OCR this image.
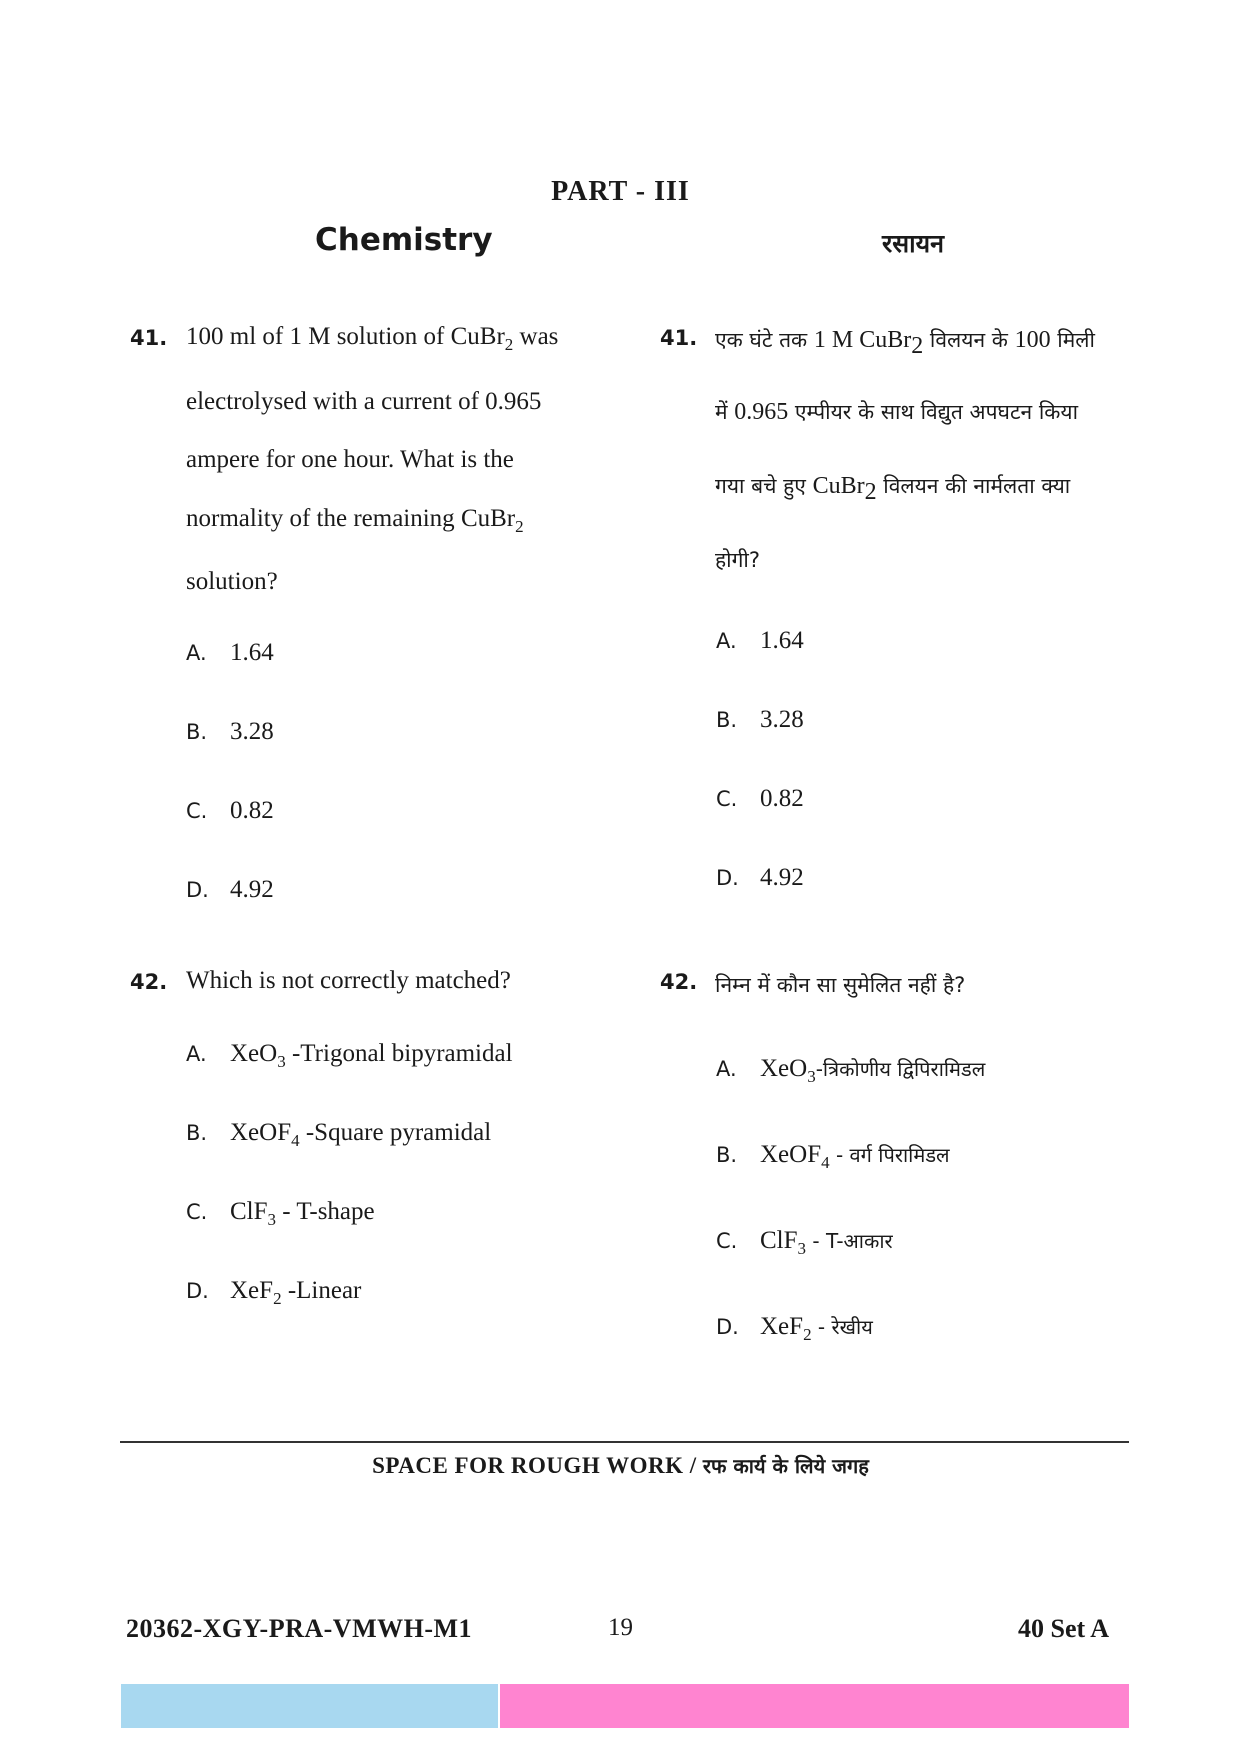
PART - III
Chemistry	रसायन
41. 100 ml of 1 M solution of CuBr$_2$ was
electrolysed with a current of 0.965
ampere for one hour. What is the
normality of the remaining CuBr$_2$
solution?
A. 1.64
B. 3.28
C. 0.82
D. 4.92
41. एक घंटे तक 1 M CuBr$_2$ विलयन के 100 मिली
में 0.965 एम्पीयर के साथ विद्युत अपघटन किया
गया बचे हुए CuBr$_2$ विलयन की नार्मलता क्या
होगी?
A. 1.64
B. 3.28
C. 0.82
D. 4.92
42. Which is not correctly matched?
A. XeO$_3$ -Trigonal bipyramidal
B. XeOF$_4$ -Square pyramidal
C. ClF$_3$ - T-shape
D. XeF$_2$ -Linear
42. निम्न में कौन सा सुमेलित नहीं है?
A. XeO$_3$-त्रिकोणीय द्विपिरामिडल
B. XeOF$_4$ - वर्ग पिरामिडल
C. ClF$_3$ - T-आकार
D. XeF$_2$ - रेखीय
SPACE FOR ROUGH WORK / रफ कार्य के लिये जगह
20362-XGY-PRA-VMWH-M1	19	40 Set A
